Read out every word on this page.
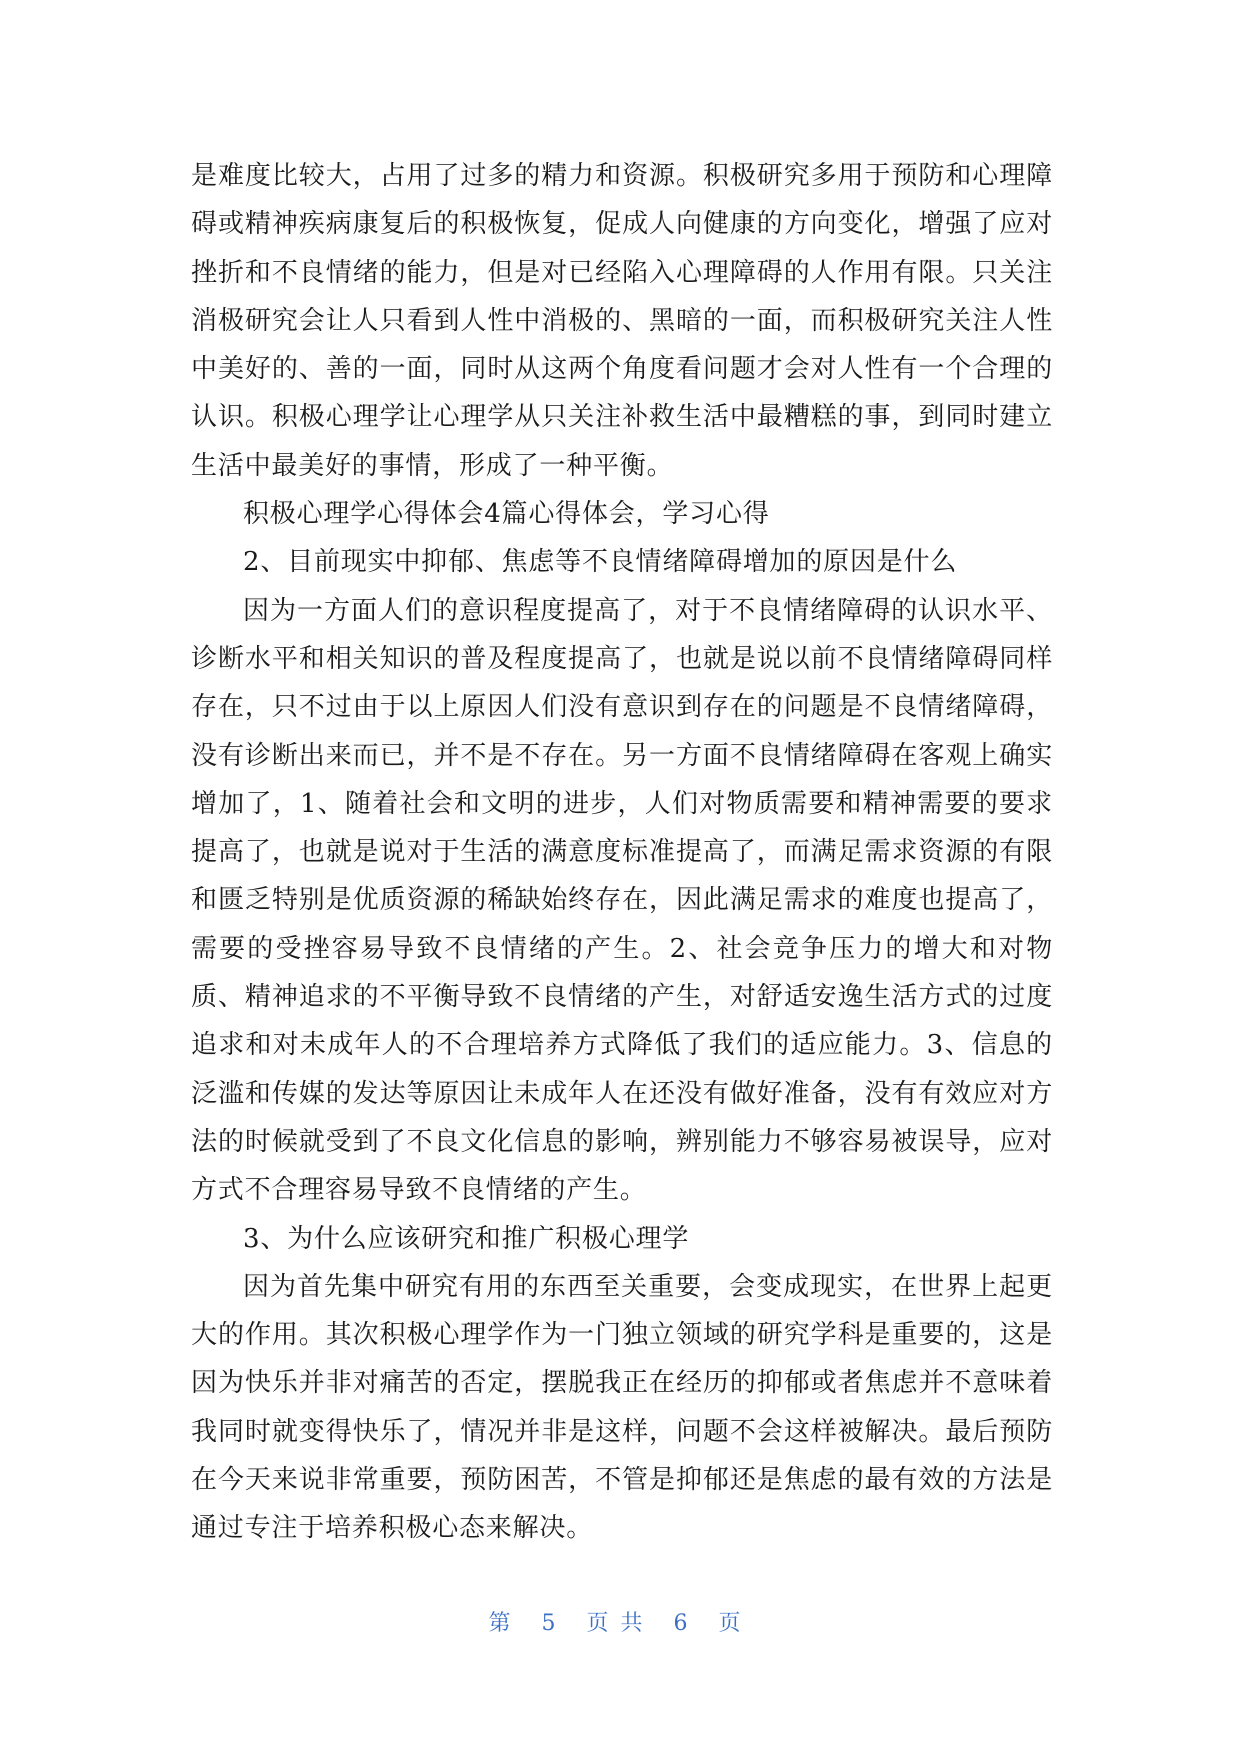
是难度比较大，占用了过多的精力和资源。积极研究多用于预防和心理障碍或精神疾病康复后的积极恢复，促成人向健康的方向变化，增强了应对挫折和不良情绪的能力，但是对已经陷入心理障碍的人作用有限。只关注消极研究会让人只看到人性中消极的、黑暗的一面，而积极研究关注人性中美好的、善的一面，同时从这两个角度看问题才会对人性有一个合理的认识。积极心理学让心理学从只关注补救生活中最糟糕的事，到同时建立生活中最美好的事情，形成了一种平衡。

积极心理学心得体会4篇心得体会，学习心得

2、目前现实中抑郁、焦虑等不良情绪障碍增加的原因是什么

因为一方面人们的意识程度提高了，对于不良情绪障碍的认识水平、诊断水平和相关知识的普及程度提高了，也就是说以前不良情绪障碍同样存在，只不过由于以上原因人们没有意识到存在的问题是不良情绪障碍，没有诊断出来而已，并不是不存在。另一方面不良情绪障碍在客观上确实增加了，1、随着社会和文明的进步，人们对物质需要和精神需要的要求提高了，也就是说对于生活的满意度标准提高了，而满足需求资源的有限和匮乏特别是优质资源的稀缺始终存在，因此满足需求的难度也提高了，需要的受挫容易导致不良情绪的产生。2、社会竞争压力的增大和对物质、精神追求的不平衡导致不良情绪的产生，对舒适安逸生活方式的过度追求和对未成年人的不合理培养方式降低了我们的适应能力。3、信息的泛滥和传媒的发达等原因让未成年人在还没有做好准备，没有有效应对方法的时候就受到了不良文化信息的影响，辨别能力不够容易被误导，应对方式不合理容易导致不良情绪的产生。

3、为什么应该研究和推广积极心理学

因为首先集中研究有用的东西至关重要，会变成现实，在世界上起更大的作用。其次积极心理学作为一门独立领域的研究学科是重要的，这是因为快乐并非对痛苦的否定，摆脱我正在经历的抑郁或者焦虑并不意味着我同时就变得快乐了，情况并非是这样，问题不会这样被解决。最后预防在今天来说非常重要，预防困苦，不管是抑郁还是焦虑的最有效的方法是通过专注于培养积极心态来解决。

第 5 页共 6 页
